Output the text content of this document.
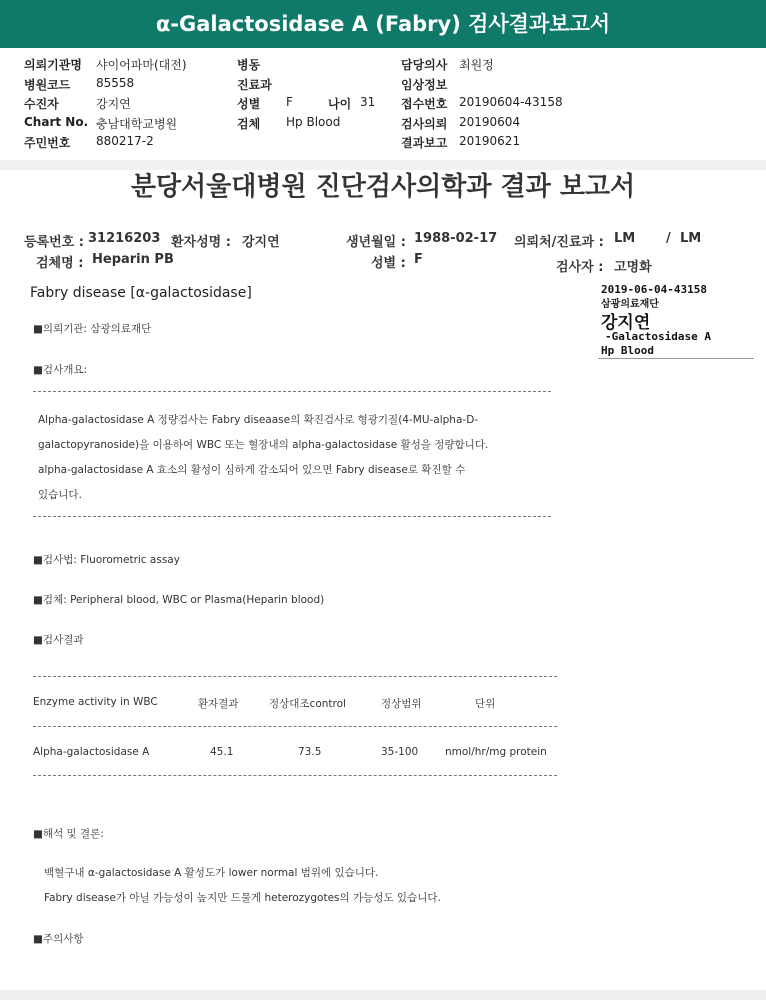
α-Galactosidase A (Fabry) 검사결과보고서
의뢰기관명 샤이어파마(대전)
병원코드 85558
수진자	강지연
Chart No. 충남대학교병원
주민번호 880217-2
병동
진료과
성별 F	나이 31
검체 Hp Blood
담당의사 최원정
임상정보
접수번호 20190604-43158
검사의뢰 20190604
결과보고 20190621
분당서울대병원 진단검사의학과 결과 보고서
등록번호 : 31216203 환자성명 : 강지연	생년월일 : 1988-02-17 의뢰처/진료과 : LM / LM
검체명 : Heparin PB	성별 : F
검사자 : 고명화
Fabry disease [α-galactosidase]	2019-06-04-43158
삼광의료재단
강지연
-Galactosidase A
Hp Blood
■의뢰기관: 삼광의료재단
■검사개요:
Alpha-galactosidase A 정량검사는 Fabry diseaase의 확진검사로 형광기질(4-MU-alpha-D-
galactopyranoside)을 이용하여 WBC 또는 혈장내의 alpha-galactosidase 활성을 정량합니다.
alpha-galactosidase A 효소의 활성이 심하게 감소되어 있으면 Fabry disease로 확진할 수
있습니다.
■검사법: Fluorometric assay
■검체: Peripheral blood, WBC or Plasma(Heparin blood)
■검사결과
Enzyme activity in WBC	환자결과	정상대조control	정상범위	단위
Alpha-galactosidase A	45.1	73.5	35-100	nmol/hr/mg protein
■해석 및 결론:
백혈구내 α-galactosidase A 활성도가 lower normal 범위에 있습니다.
Fabry disease가 아닐 가능성이 높지만 드물게 heterozygotes의 가능성도 있습니다.
■주의사항
